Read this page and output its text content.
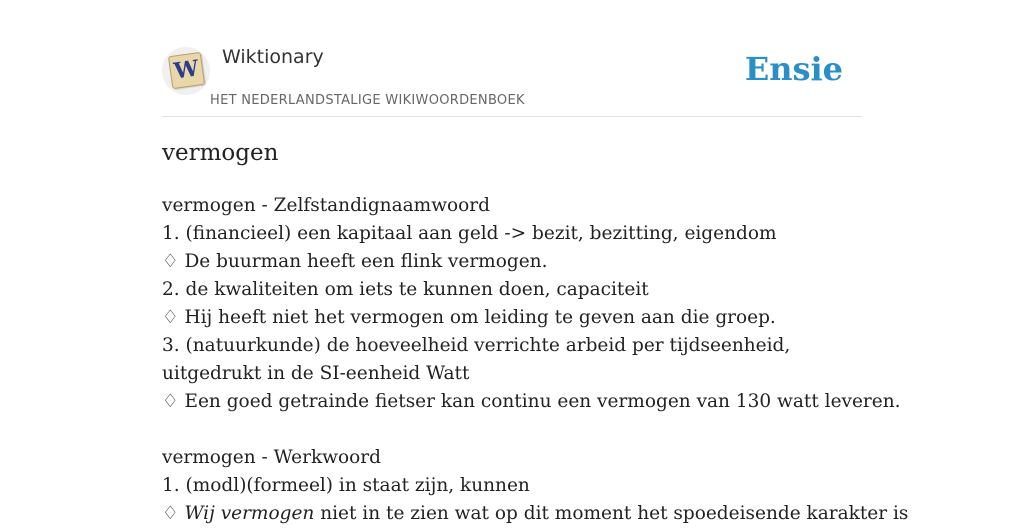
W Wiktionary
HET NEDERLANDSTALIGE WIKIWOORDENBOEK
Ensie
vermogen
vermogen - Zelfstandignaamwoord
1. (financieel) een kapitaal aan geld -> bezit, bezitting, eigendom
♢ De buurman heeft een flink vermogen.
2. de kwaliteiten om iets te kunnen doen, capaciteit
♢ Hij heeft niet het vermogen om leiding te geven aan die groep.
3. (natuurkunde) de hoeveelheid verrichte arbeid per tijdseenheid, uitgedrukt in de SI-eenheid Watt
♢ Een goed getrainde fietser kan continu een vermogen van 130 watt leveren.
vermogen - Werkwoord
1. (modl)(formeel) in staat zijn, kunnen
♢ Wij vermogen niet in te zien wat op dit moment het spoedeisende karakter is
